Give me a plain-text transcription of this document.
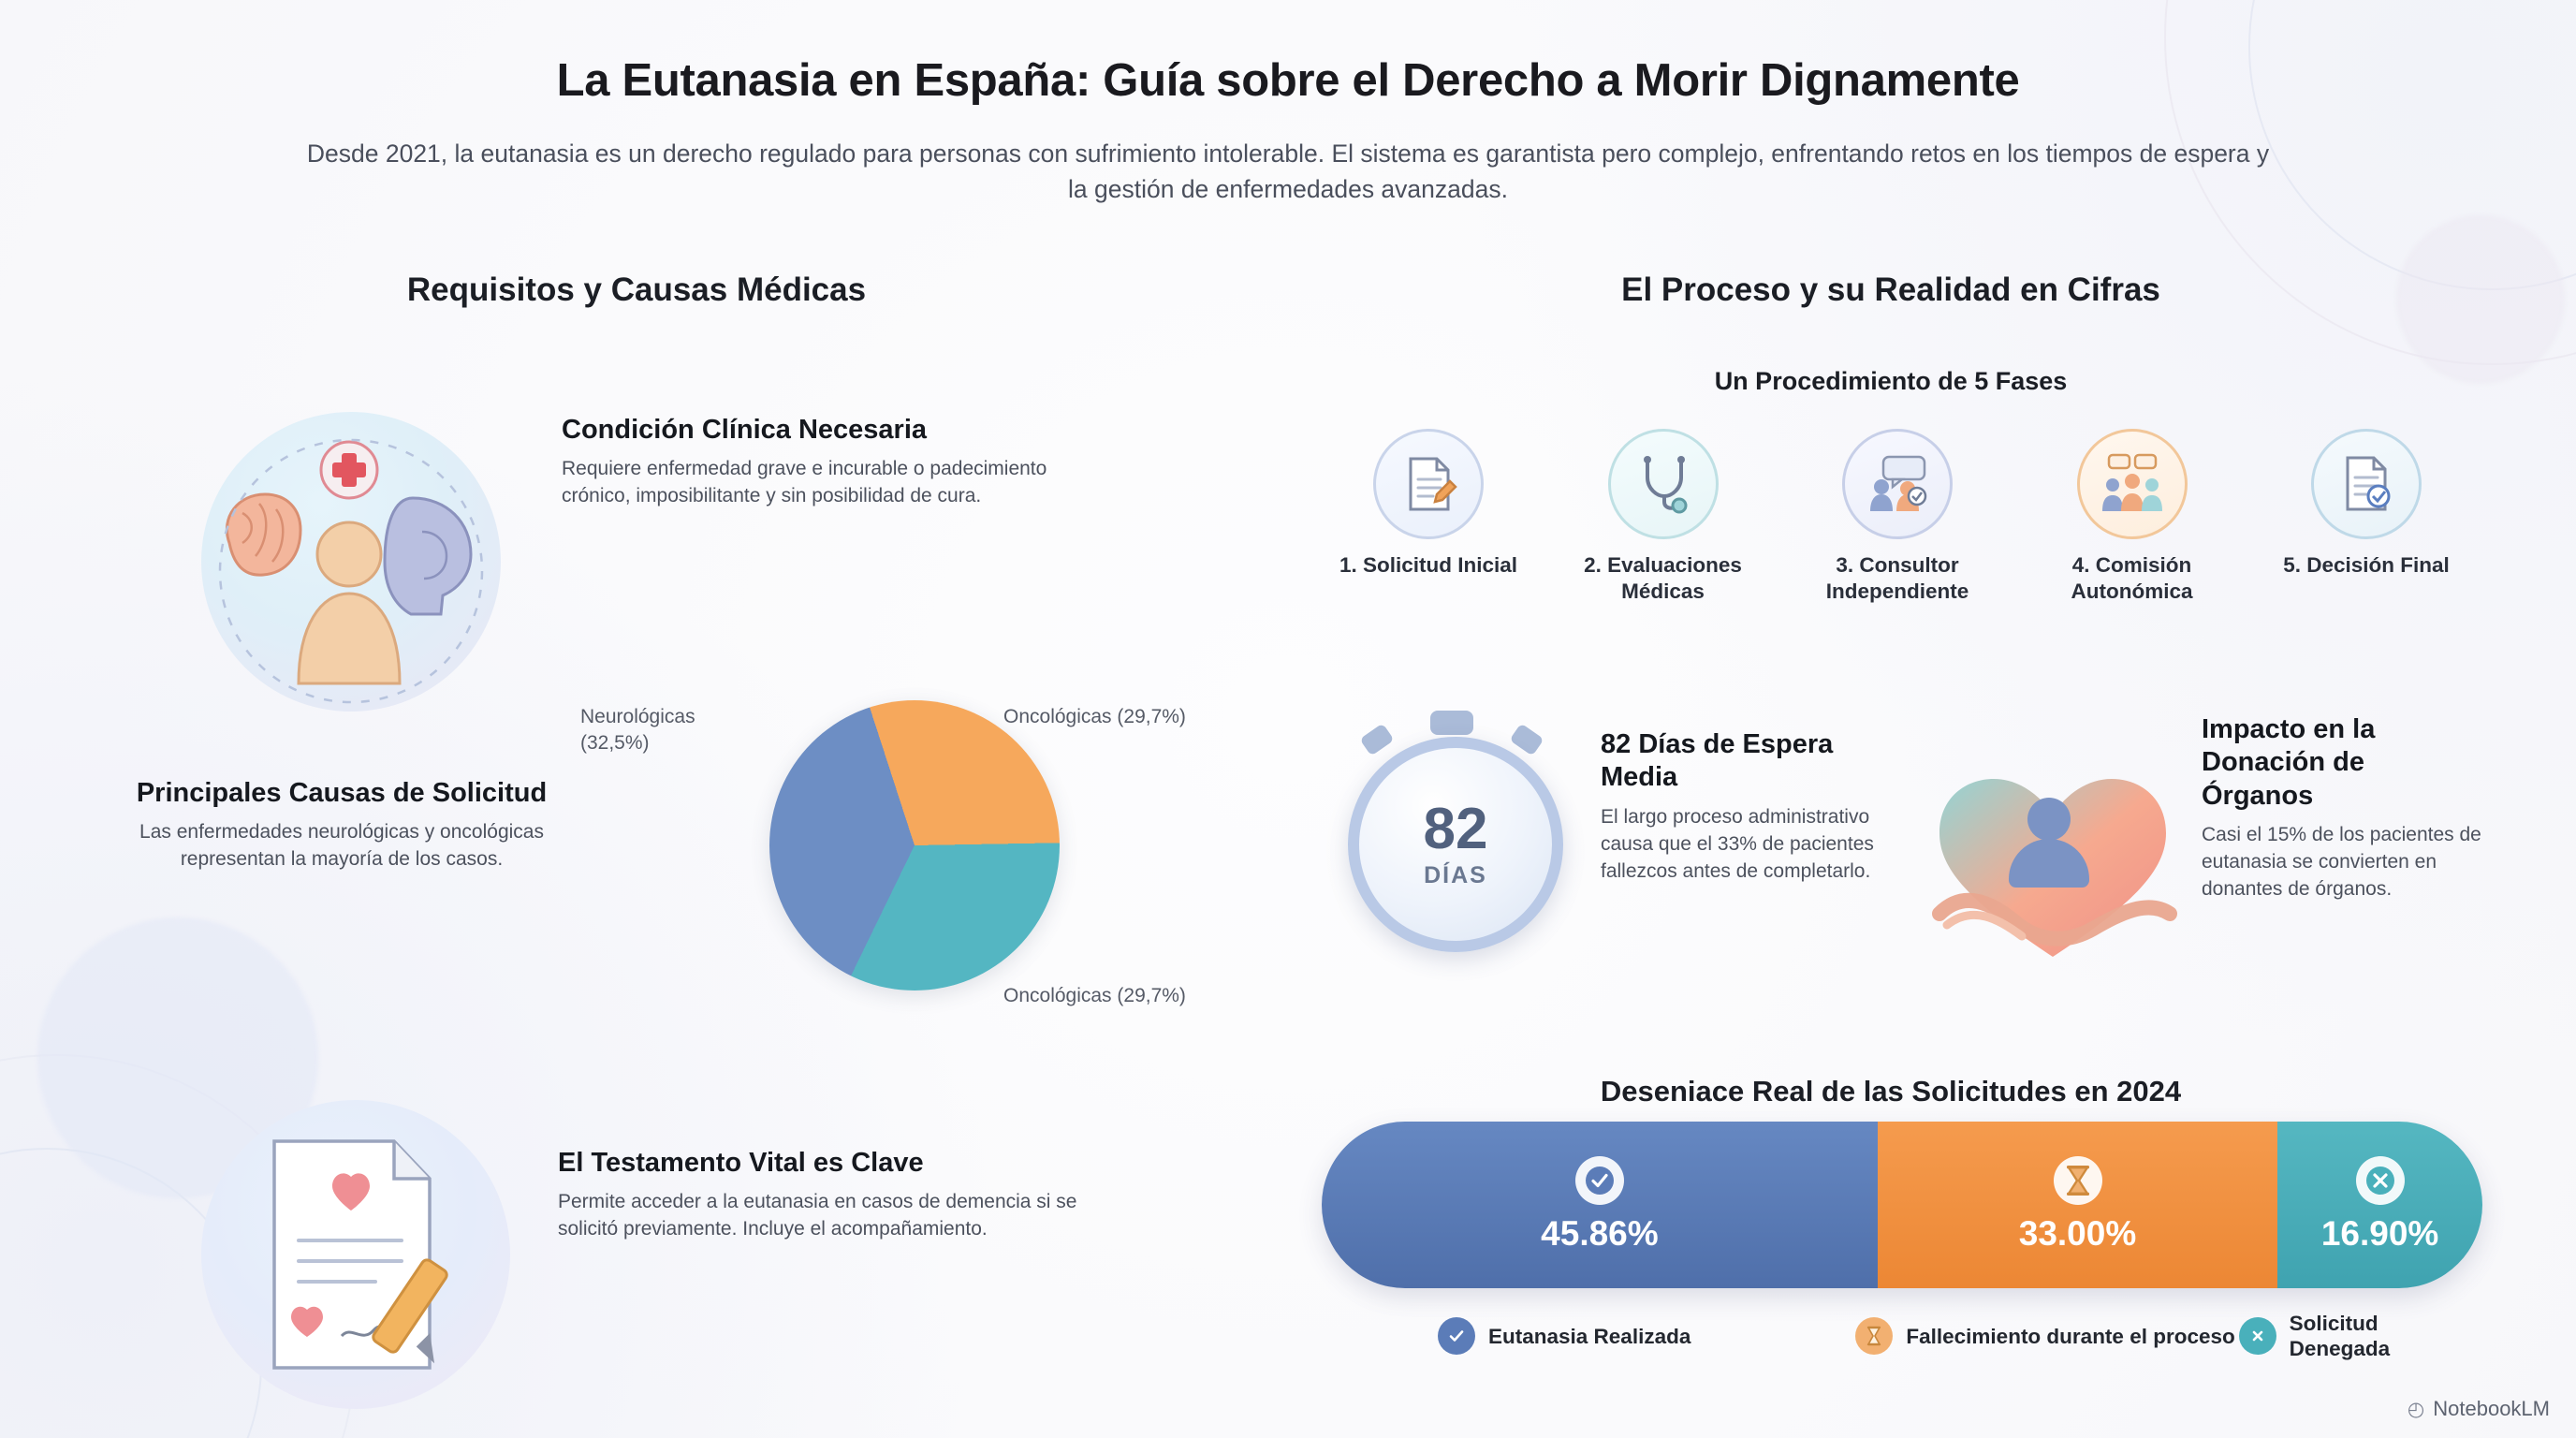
La Eutanasia en España: Guía sobre el Derecho a Morir Dignamente
Desde 2021, la eutanasia es un derecho regulado para personas con sufrimiento intolerable. El sistema es garantista pero complejo, enfrentando retos en los tiempos de espera y la gestión de enfermedades avanzadas.
Requisitos y Causas Médicas	El Proceso y su Realidad en Cifras
Condición Clínica Necesaria
Requiere enfermedad grave e incurable o padecimiento crónico, imposibilitante y sin posibilidad de cura.
Principales Causas de Solicitud
Las enfermedades neurológicas y oncológicas representan la mayoría de los casos.
Neurológicas (32,5%)
Oncológicas (29,7%)
Oncológicas (29,7%)
El Testamento Vital es Clave
Permite acceder a la eutanasia en casos de demencia si se solicitó previamente. Incluye el acompañamiento.
Un Procedimiento de 5 Fases
1. Solicitud Inicial	2. Evaluaciones Médicas
3. Consultor Independiente
4. Comisión Autonómica
5. Decisión Final
82
DÍAS
82 Días de Espera Media
El largo proceso administrativo causa que el 33% de pacientes fallezcos antes de completarlo.
Impacto en la Donación de Órganos
Casi el 15% de los pacientes de eutanasia se convierten en donantes de órganos.
Deseniace Real de las Solicitudes en 2024
45.86%	33.00%	16.90%
Eutanasia Realizada	Fallecimiento durante el proceso
Solicitud Denegada
◴ NotebookLM
